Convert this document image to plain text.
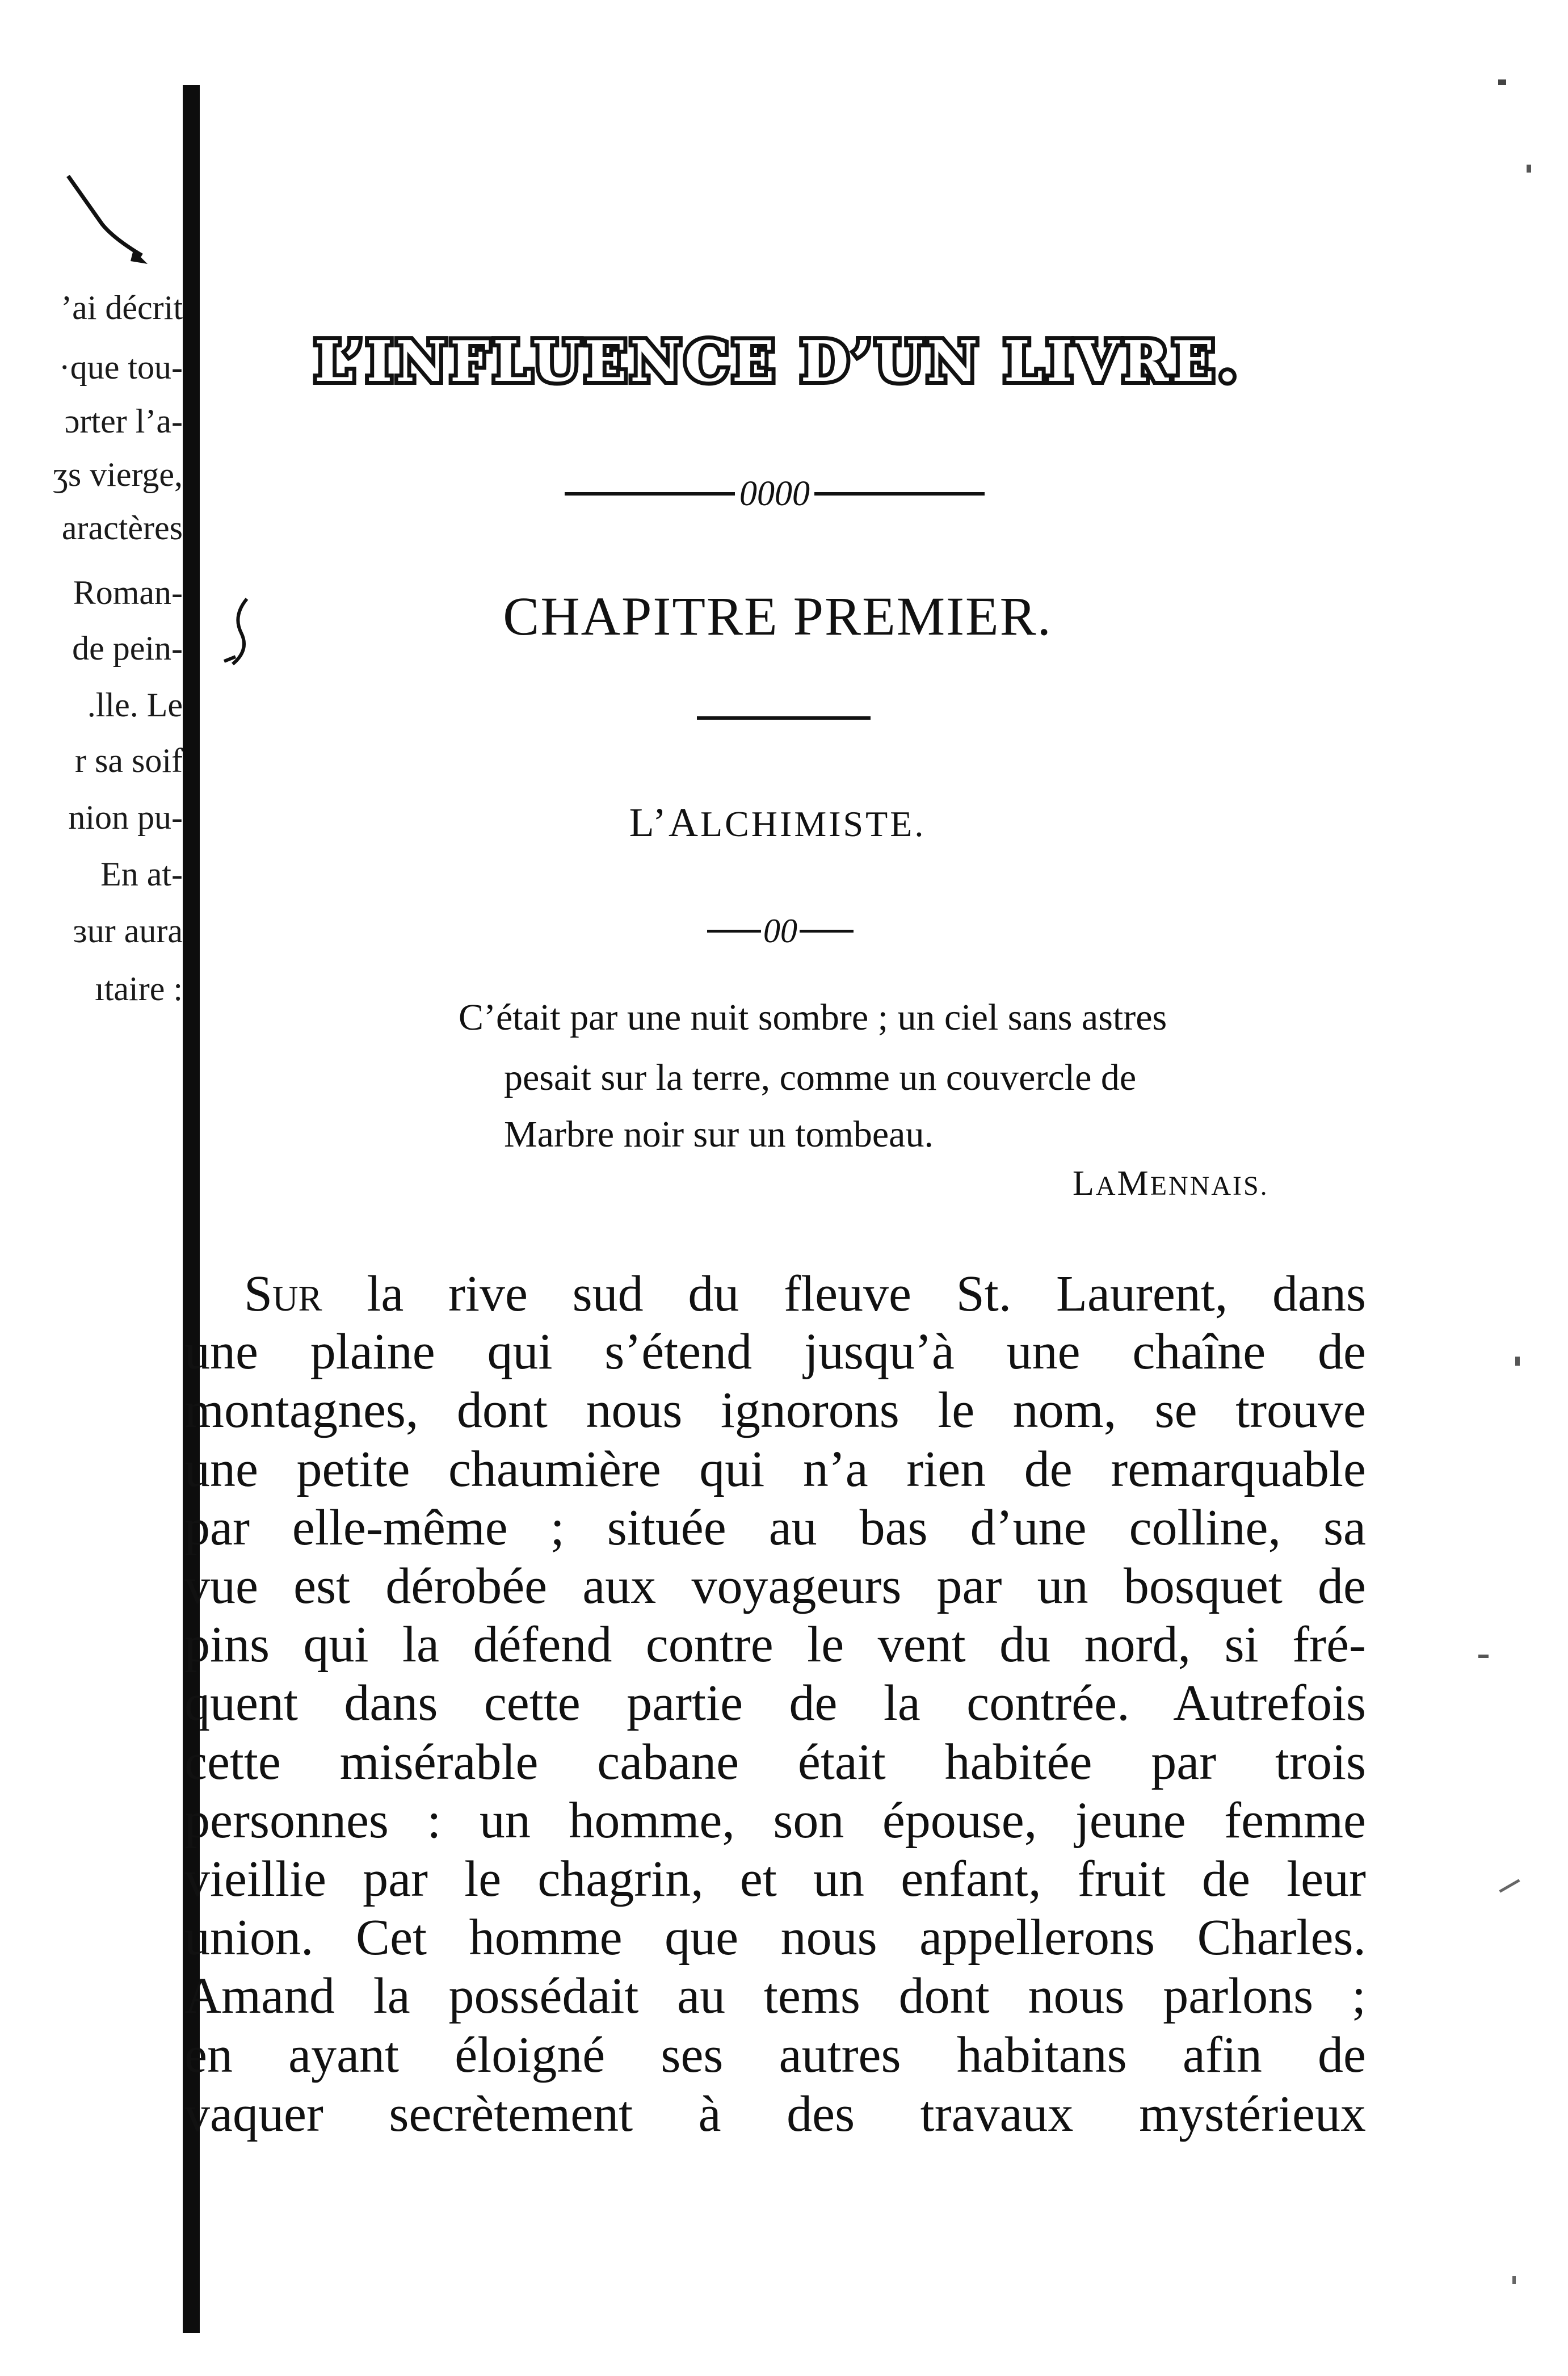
’ai décrit
·que tou-
ɔrter l’a-
ʒs vierge,
aractères
Roman-
de pein-
.lle. Le
r sa soif
nion pu-
En at-
ɜur aura
ıtaire :
L’INFLUENCE D’UN LIVRE.
0000
CHAPITRE PREMIER.
L’ALCHIMISTE.
00
C’était par une nuit sombre ; un ciel sans astres
pesait sur la terre, comme un couvercle de
Marbre noir sur un tombeau.
LAMENNAIS.
Sur la rive sud du fleuve St. Laurent, dans
une plaine qui s’étend jusqu’à une chaîne de
montagnes, dont nous ignorons le nom, se trouve
une petite chaumière qui n’a rien de remarquable
par elle-même ; située au bas d’une colline, sa
vue est dérobée aux voyageurs par un bosquet de
pins qui la défend contre le vent du nord, si fré-
quent dans cette partie de la contrée. Autrefois
cette misérable cabane était habitée par trois
personnes : un homme, son épouse, jeune femme
vieillie par le chagrin, et un enfant, fruit de leur
union. Cet homme que nous appellerons Charles.
Amand la possédait au tems dont nous parlons ;
en ayant éloigné ses autres habitans afin de
vaquer secrètement à des travaux mystérieux
